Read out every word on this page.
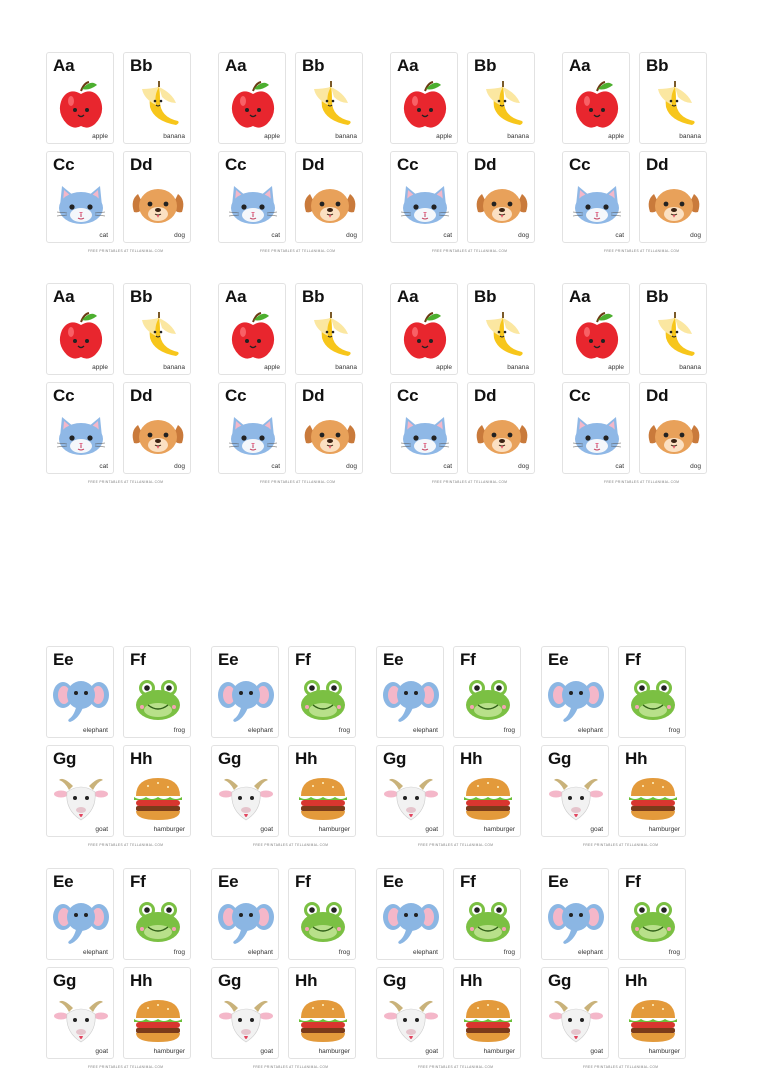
Aa
apple
Bb
banana
Cc
cat
Dd
dog
FREE PRINTABLES AT TELLANIMAL.COM
Aa
apple
Bb
banana
Cc
cat
Dd
dog
FREE PRINTABLES AT TELLANIMAL.COM
Aa
apple
Bb
banana
Cc
cat
Dd
dog
FREE PRINTABLES AT TELLANIMAL.COM
Aa
apple
Bb
banana
Cc
cat
Dd
dog
FREE PRINTABLES AT TELLANIMAL.COM
Aa
apple
Bb
banana
Cc
cat
Dd
dog
FREE PRINTABLES AT TELLANIMAL.COM
Aa
apple
Bb
banana
Cc
cat
Dd
dog
FREE PRINTABLES AT TELLANIMAL.COM
Aa
apple
Bb
banana
Cc
cat
Dd
dog
FREE PRINTABLES AT TELLANIMAL.COM
Aa
apple
Bb
banana
Cc
cat
Dd
dog
FREE PRINTABLES AT TELLANIMAL.COM
Ee
elephant
Ff
frog
Gg
goat
Hh
hamburger
FREE PRINTABLES AT TELLANIMAL.COM
Ee
elephant
Ff
frog
Gg
goat
Hh
hamburger
FREE PRINTABLES AT TELLANIMAL.COM
Ee
elephant
Ff
frog
Gg
goat
Hh
hamburger
FREE PRINTABLES AT TELLANIMAL.COM
Ee
elephant
Ff
frog
Gg
goat
Hh
hamburger
FREE PRINTABLES AT TELLANIMAL.COM
Ee
elephant
Ff
frog
Gg
goat
Hh
hamburger
FREE PRINTABLES AT TELLANIMAL.COM
Ee
elephant
Ff
frog
Gg
goat
Hh
hamburger
FREE PRINTABLES AT TELLANIMAL.COM
Ee
elephant
Ff
frog
Gg
goat
Hh
hamburger
FREE PRINTABLES AT TELLANIMAL.COM
Ee
elephant
Ff
frog
Gg
goat
Hh
hamburger
FREE PRINTABLES AT TELLANIMAL.COM
